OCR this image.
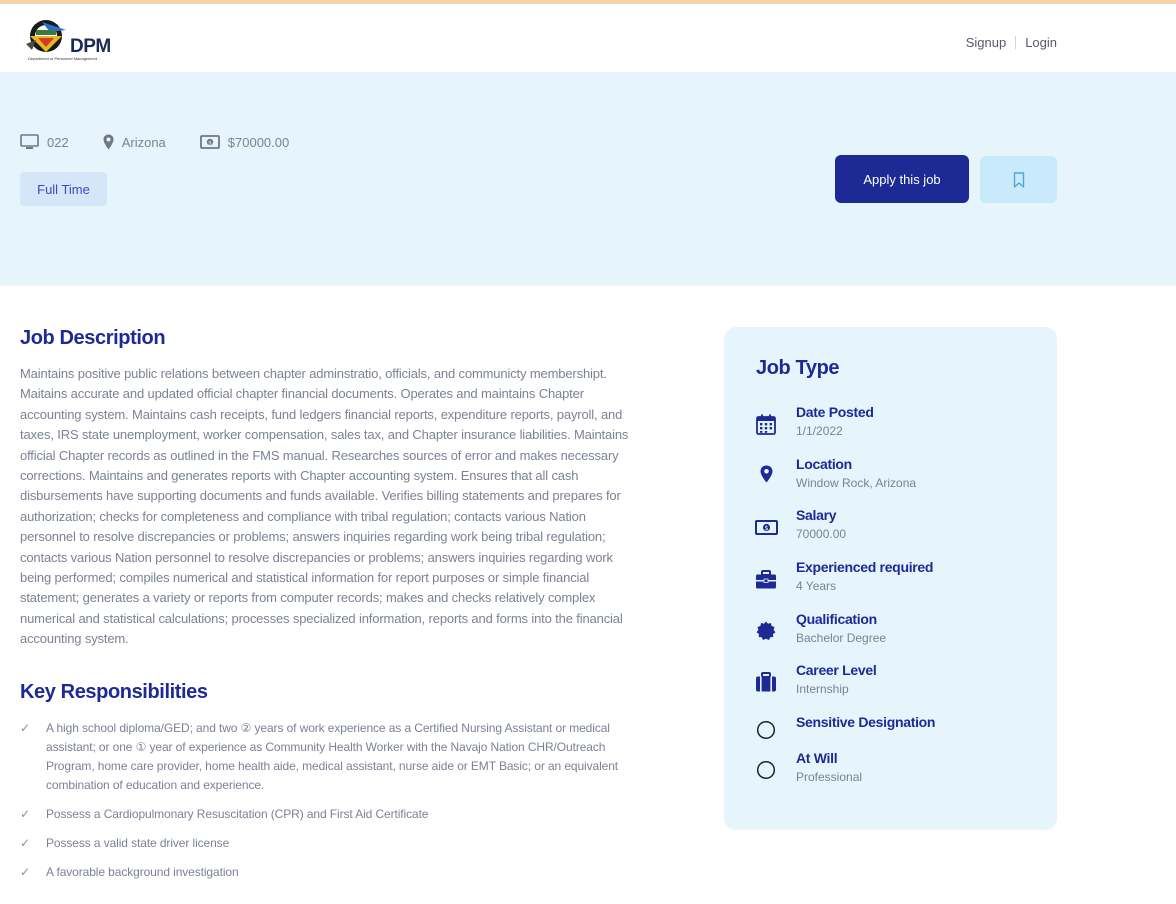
DPM
Department of Personnel Management
Signup Login
022	Arizona	$ $70000.00
Full Time
Apply this job
Job Description

Maintains positive public relations between chapter adminstratio, officials, and communicty membershipt. Maitains accurate and updated official chapter financial documents. Operates and maintains Chapter accounting system. Maintains cash receipts, fund ledgers financial reports, expenditure reports, payroll, and taxes, IRS state unemployment, worker compensation, sales tax, and Chapter insurance liabilities. Maintains official Chapter records as outlined in the FMS manual. Researches sources of error and makes necessary corrections. Maintains and generates reports with Chapter accounting system. Ensures that all cash disbursements have supporting documents and funds available. Verifies billing statements and prepares for authorization; checks for completeness and compliance with tribal regulation; contacts various Nation personnel to resolve discrepancies or problems; answers inquiries regarding work being tribal regulation; contacts various Nation personnel to resolve discrepancies or problems; answers inquiries regarding work being performed; compiles numerical and statistical information for report purposes or simple financial statement; generates a variety or reports from computer records; makes and checks relatively complex numerical and statistical calculations; processes specialized information, reports and forms into the financial accounting system.

Key Responsibilities
✓ A high school diploma/GED; and two ② years of work experience as a Certified Nursing Assistant or medical assistant; or one ① year of experience as Community Health Worker with the Navajo Nation CHR/Outreach Program, home care provider, home health aide, medical assistant, nurse aide or EMT Basic; or an equivalent combination of education and experience.
✓ Possess a Cardiopulmonary Resuscitation (CPR) and First Aid Certificate
✓ Possess a valid state driver license
✓ A favorable background investigation
Job Type
Date Posted
1/1/2022
Location
Window Rock, Arizona
$
Salary
70000.00
Experienced required
4 Years
Qualification
Bachelor Degree
Career Level
Internship
Sensitive Designation
At Will
Professional
